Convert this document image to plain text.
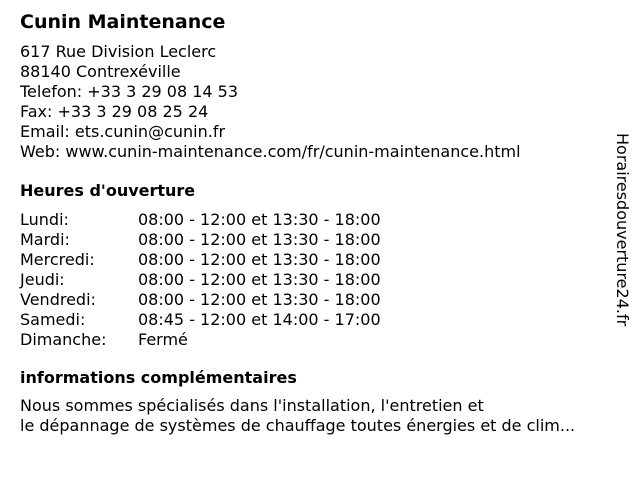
Cunin Maintenance
617 Rue Division Leclerc
88140 Contrexéville
Telefon: +33 3 29 08 14 53
Fax: +33 3 29 08 25 24
Email: ets.cunin@cunin.fr
Web: www.cunin-maintenance.com/fr/cunin-maintenance.html
Heures d'ouverture
Lundi:	08:00 - 12:00 et 13:30 - 18:00
Mardi:	08:00 - 12:00 et 13:30 - 18:00
Mercredi:	08:00 - 12:00 et 13:30 - 18:00
Jeudi:	08:00 - 12:00 et 13:30 - 18:00
Vendredi:	08:00 - 12:00 et 13:30 - 18:00
Samedi:	08:45 - 12:00 et 14:00 - 17:00
Dimanche:	Fermé
informations complémentaires
Nous sommes spécialisés dans l'installation, l'entretien et
le dépannage de systèmes de chauffage toutes énergies et de clim...
Horairesdouverture24.fr
